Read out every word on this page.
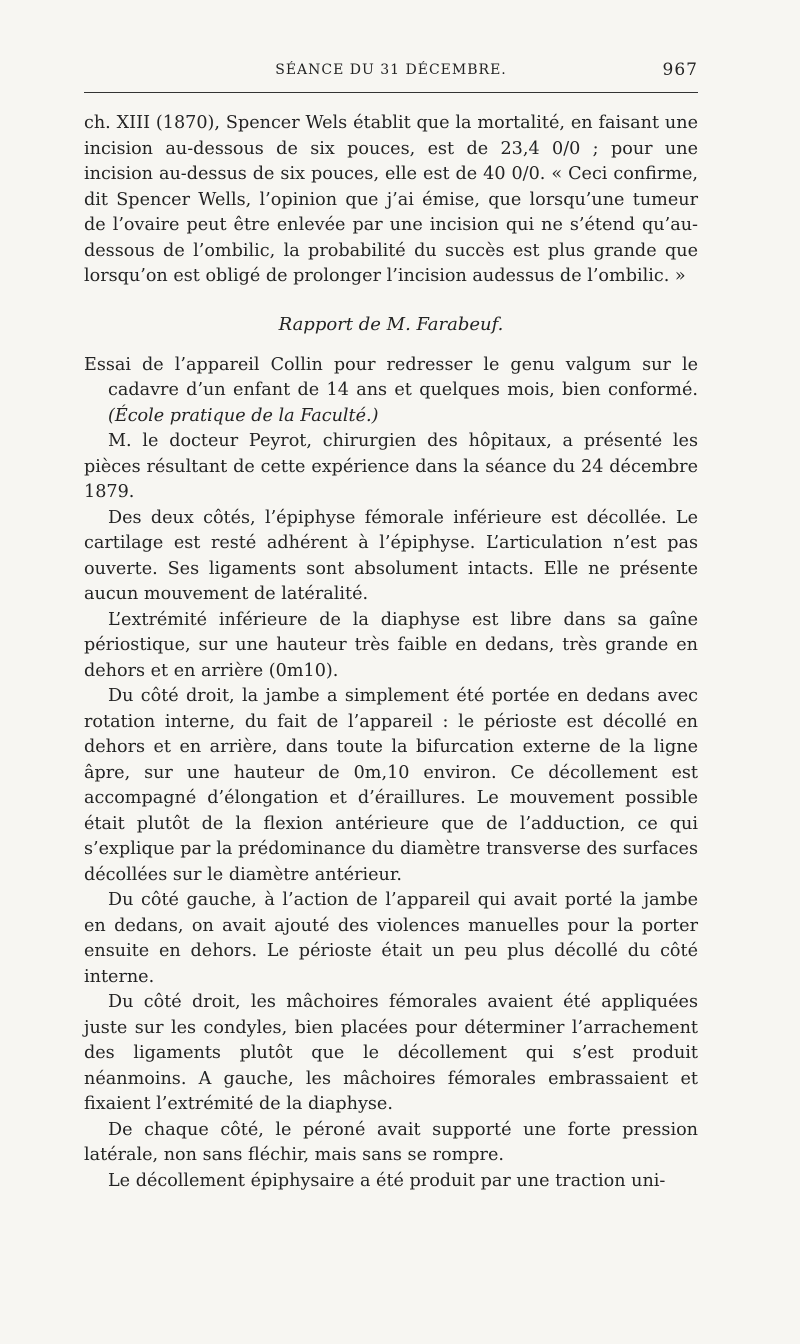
SÉANCE DU 31 DÉCEMBRE.	967

ch. XIII (1870), Spencer Wels établit que la mortalité, en faisant une incision au-dessous de six pouces, est de 23,4 0/0 ; pour une incision au-dessus de six pouces, elle est de 40 0/0. « Ceci confirme, dit Spencer Wells, l’opinion que j’ai émise, que lorsqu’une tumeur de l’ovaire peut être enlevée par une incision qui ne s’étend qu’au-dessous de l’ombilic, la probabilité du succès est plus grande que lorsqu’on est obligé de prolonger l’incision audessus de l’ombilic. »

Rapport de M. Farabeuf.

Essai de l’appareil Collin pour redresser le genu valgum sur le cadavre d’un enfant de 14 ans et quelques mois, bien conformé. (École pratique de la Faculté.)

M. le docteur Peyrot, chirurgien des hôpitaux, a présenté les pièces résultant de cette expérience dans la séance du 24 décembre 1879.

Des deux côtés, l’épiphyse fémorale inférieure est décollée. Le cartilage est resté adhérent à l’épiphyse. L’articulation n’est pas ouverte. Ses ligaments sont absolument intacts. Elle ne présente aucun mouvement de latéralité.

L’extrémité inférieure de la diaphyse est libre dans sa gaîne périostique, sur une hauteur très faible en dedans, très grande en dehors et en arrière (0m10).

Du côté droit, la jambe a simplement été portée en dedans avec rotation interne, du fait de l’appareil : le périoste est décollé en dehors et en arrière, dans toute la bifurcation externe de la ligne âpre, sur une hauteur de 0m,10 environ. Ce décollement est accompagné d’élongation et d’éraillures. Le mouvement possible était plutôt de la flexion antérieure que de l’adduction, ce qui s’explique par la prédominance du diamètre transverse des surfaces décollées sur le diamètre antérieur.

Du côté gauche, à l’action de l’appareil qui avait porté la jambe en dedans, on avait ajouté des violences manuelles pour la porter ensuite en dehors. Le périoste était un peu plus décollé du côté interne.

Du côté droit, les mâchoires fémorales avaient été appliquées juste sur les condyles, bien placées pour déterminer l’arrachement des ligaments plutôt que le décollement qui s’est produit néanmoins. A gauche, les mâchoires fémorales embrassaient et fixaient l’extrémité de la diaphyse.

De chaque côté, le péroné avait supporté une forte pression latérale, non sans fléchir, mais sans se rompre.

Le décollement épiphysaire a été produit par une traction uni-
